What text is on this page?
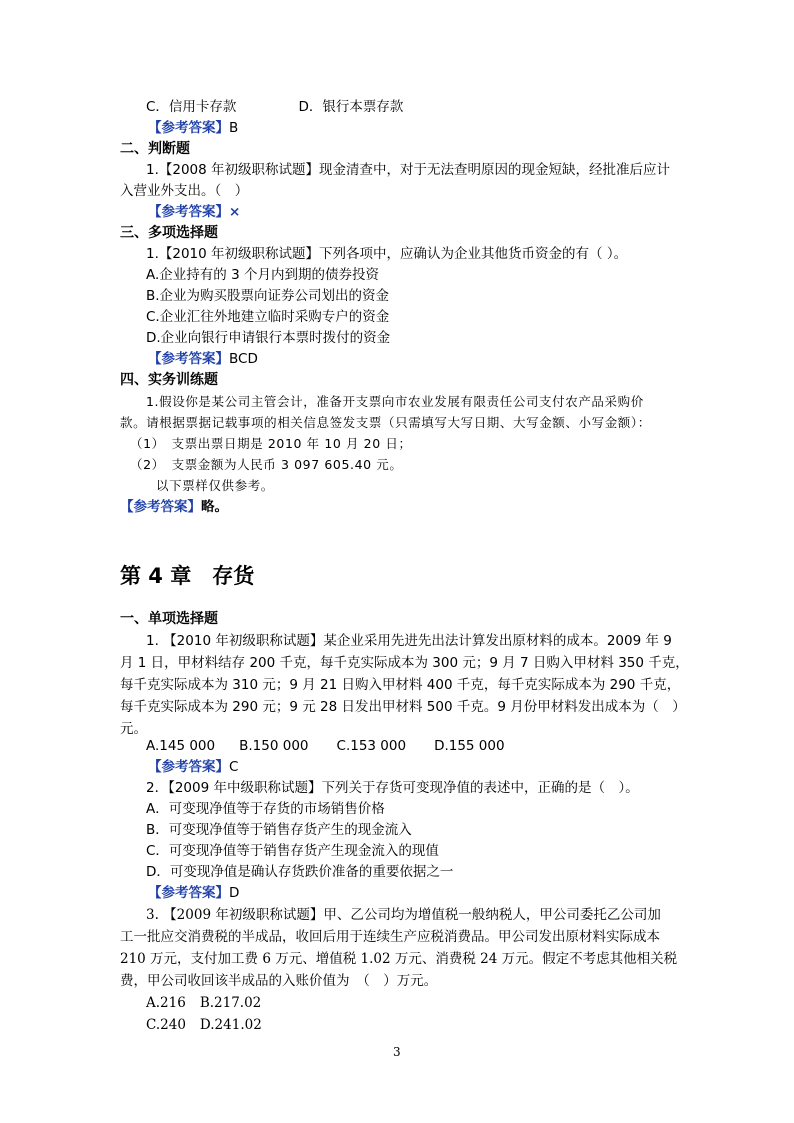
C．信用卡存款	D．银行本票存款
【参考答案】B
二、判断题
1.【2008 年初级职称试题】现金清查中，对于无法查明原因的现金短缺，经批准后应计
入营业外支出。（　）
【参考答案】×
三、多项选择题
1.【2010 年初级职称试题】下列各项中，应确认为企业其他货币资金的有（ ）。
A.企业持有的 3 个月内到期的债券投资
B.企业为购买股票向证券公司划出的资金
C.企业汇往外地建立临时采购专户的资金
D.企业向银行申请银行本票时拨付的资金
【参考答案】BCD
四、实务训练题
1.假设你是某公司主管会计，准备开支票向市农业发展有限责任公司支付农产品采购价
款。请根据票据记载事项的相关信息签发支票（只需填写大写日期、大写金额、小写金额）：
（1）　支票出票日期是 2010 年 10 月 20 日；
（2）　支票金额为人民币 3 097 605.40 元。
以下票样仅供参考。
【参考答案】略。
第 4 章　存货
一、单项选择题
1. 【2010 年初级职称试题】某企业采用先进先出法计算发出原材料的成本。2009 年 9
月 1 日，甲材料结存 200 千克，每千克实际成本为 300 元；9 月 7 日购入甲材料 350 千克，
每千克实际成本为 310 元；9 月 21 日购入甲材料 400 千克，每千克实际成本为 290 千克，
每千克实际成本为 290 元；9 元 28 日发出甲材料 500 千克。9 月份甲材料发出成本为（　）
元。
A.145 000 B.150 000 C.153 000 D.155 000
【参考答案】C
2．【2009 年中级职称试题】下列关于存货可变现净值的表述中，正确的是（　）。
A．可变现净值等于存货的市场销售价格
B．可变现净值等于销售存货产生的现金流入
C．可变现净值等于销售存货产生现金流入的现值
D．可变现净值是确认存货跌价准备的重要依据之一
【参考答案】D
3. 【2009 年初级职称试题】甲、乙公司均为增值税一般纳税人，甲公司委托乙公司加
工一批应交消费税的半成品，收回后用于连续生产应税消费品。甲公司发出原材料实际成本
210 万元，支付加工费 6 万元、增值税 1.02 万元、消费税 24 万元。假定不考虑其他相关税
费，甲公司收回该半成品的入账价值为　（　）万元。
A.216 B.217.02
C.240 D.241.02
3
